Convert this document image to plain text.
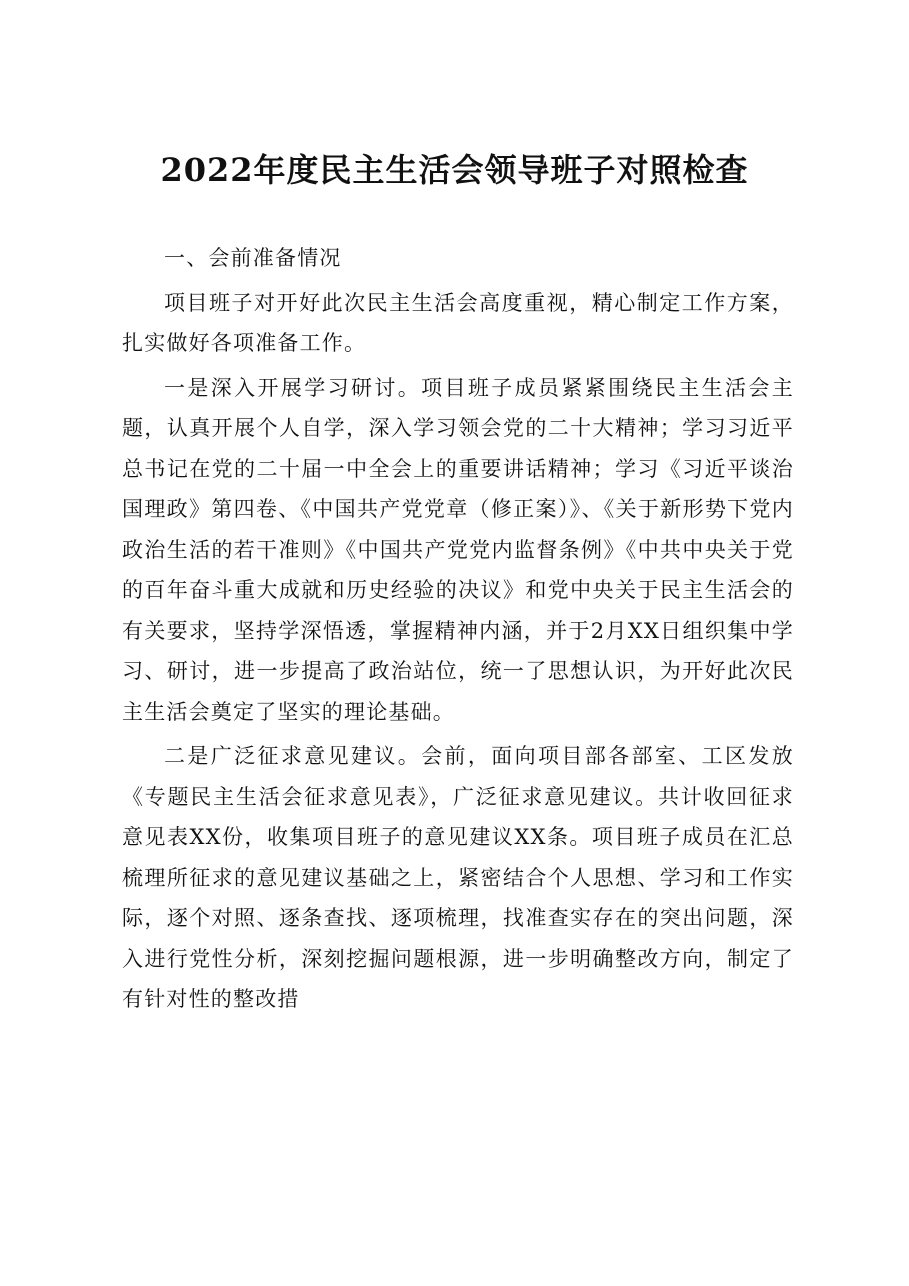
2022年度民主生活会领导班子对照检查

一、会前准备情况

项目班子对开好此次民主生活会高度重视，精心制定工作方案，扎实做好各项准备工作。

一是深入开展学习研讨。项目班子成员紧紧围绕民主生活会主题，认真开展个人自学，深入学习领会党的二十大精神；学习习近平总书记在党的二十届一中全会上的重要讲话精神；学习《习近平谈治国理政》第四卷、《中国共产党党章（修正案）》、《关于新形势下党内政治生活的若干准则》《中国共产党党内监督条例》《中共中央关于党的百年奋斗重大成就和历史经验的决议》和党中央关于民主生活会的有关要求，坚持学深悟透，掌握精神内涵，并于2月XX日组织集中学习、研讨，进一步提高了政治站位，统一了思想认识，为开好此次民主生活会奠定了坚实的理论基础。

二是广泛征求意见建议。会前，面向项目部各部室、工区发放《专题民主生活会征求意见表》，广泛征求意见建议。共计收回征求意见表XX份，收集项目班子的意见建议XX条。项目班子成员在汇总梳理所征求的意见建议基础之上，紧密结合个人思想、学习和工作实际，逐个对照、逐条查找、逐项梳理，找准查实存在的突出问题，深入进行党性分析，深刻挖掘问题根源，进一步明确整改方向，制定了有针对性的整改措
